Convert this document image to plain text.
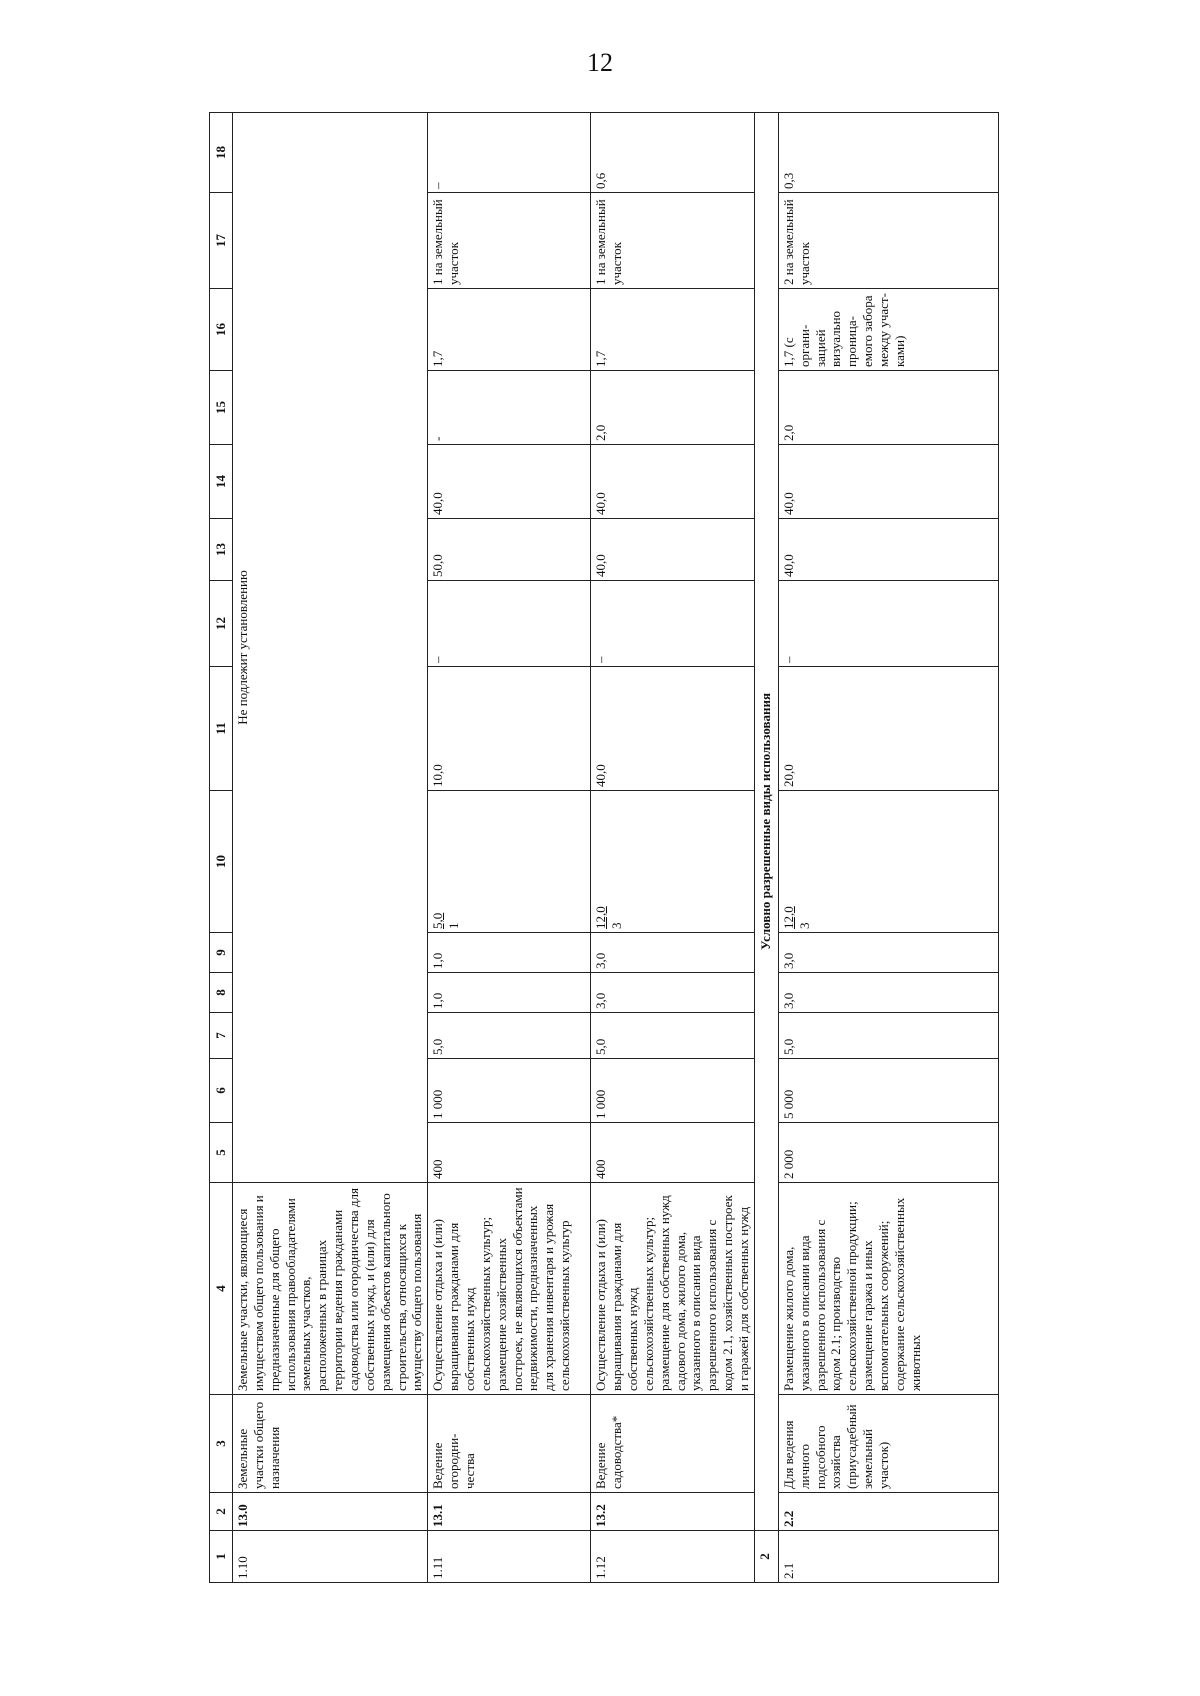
12
1	2	3	4	5	6	7	8	9	10	11	12	13	14	15	16	17	18
1.10	13.0	Земельные участки общего назначения	Земельные участки, являющиеся имуществом общего пользования и предназначенные для общего использования правообладателями земельных участков, расположенных в границах территории ведения гражданами садоводства или огородничества для собственных нужд, и (или) для размещения объектов капитального строительства, относящихся к имуществу общего пользования	Не подлежит установлению													
1.11	13.1	Ведение огородни-чества	Осуществление отдыха и (или) выращивания гражданами для собственных нужд сельскохозяйственных культур; размещение хозяйственных построек, не являющихся объектами недвижимости, предназначенных для хранения инвентаря и урожая сельскохозяйственных культур	400	1 000	5,0	1,0	1,0	5,0 1	10,0	–	50,0	40,0	-	1,7	1 на земельный участок	–
1.12	13.2	Ведение садоводства*	Осуществление отдыха и (или) выращивания гражданами для собственных нужд сельскохозяйственных культур; размещение для собственных нужд садового дома, жилого дома, указанного в описании вида разрешенного использования с кодом 2.1, хозяйственных построек и гаражей для собственных нужд	400	1 000	5,0	3,0	3,0	12,0 3	40,0	–	40,0	40,0	2,0	1,7	1 на земельный участок	0,6
2	Условно разрешенные виды использования																
2.1	2.2	Для ведения личного подсобного хозяйства (приусадебный земельный участок)	Размещение жилого дома, указанного в описании вида разрешенного использования с кодом 2.1; производство сельскохозяйственной продукции; размещение гаража и иных вспомогательных сооружений; содержание сельскохозяйственных животных	2 000	5 000	5,0	3,0	3,0	12,0 3	20,0	–	40,0	40,0	2,0	1,7 (с органи-зацией визуально проница-емого забора между участ-ками)	2 на земельный участок	0,3
